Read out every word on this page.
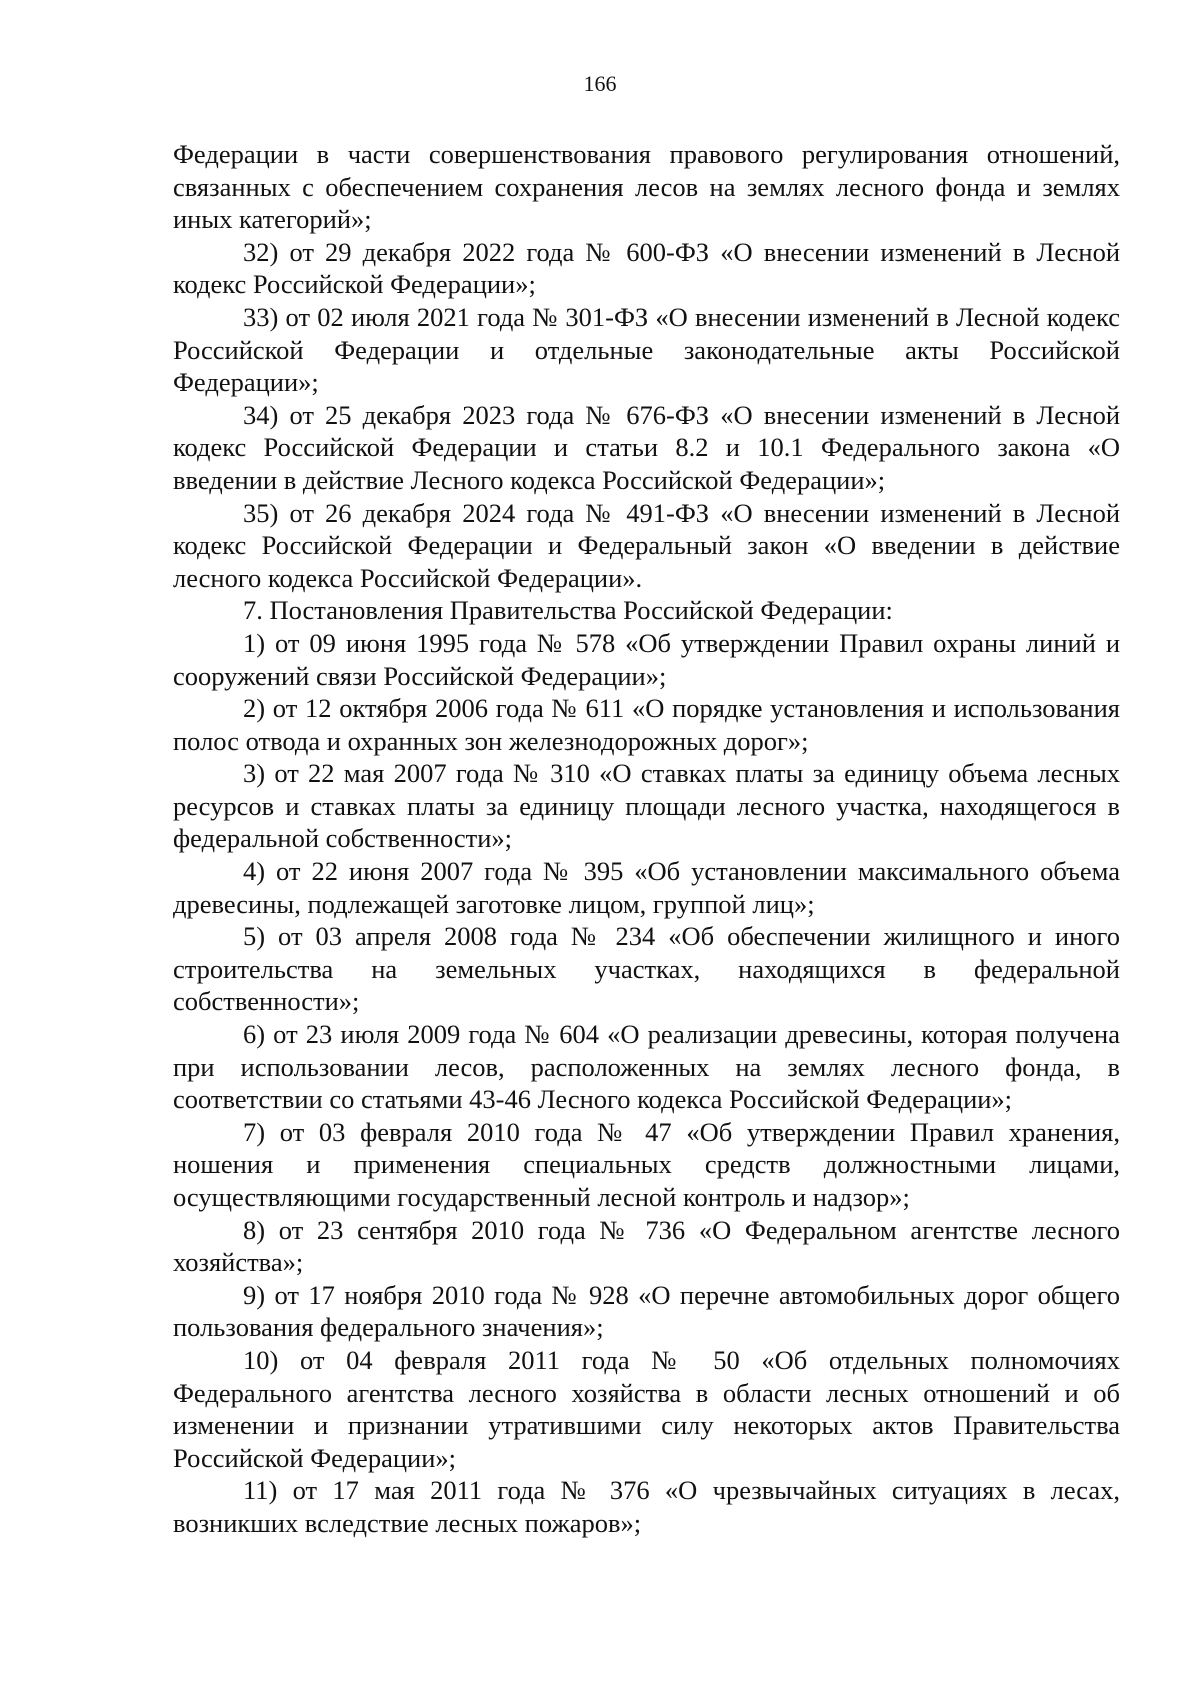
166

Федерации в части совершенствования правового регулирования отношений, связанных с обеспечением сохранения лесов на землях лесного фонда и землях иных категорий»;

32) от 29 декабря 2022 года № 600-ФЗ «О внесении изменений в Лесной кодекс Российской Федерации»;

33) от 02 июля 2021 года № 301-ФЗ «О внесении изменений в Лесной кодекс Российской Федерации и отдельные законодательные акты Российской Федерации»;

34) от 25 декабря 2023 года № 676-ФЗ «О внесении изменений в Лесной кодекс Российской Федерации и статьи 8.2 и 10.1 Федерального закона «О введении в действие Лесного кодекса Российской Федерации»;

35) от 26 декабря 2024 года № 491-ФЗ «О внесении изменений в Лесной кодекс Российской Федерации и Федеральный закон «О введении в действие лесного кодекса Российской Федерации».

7. Постановления Правительства Российской Федерации:

1) от 09 июня 1995 года № 578 «Об утверждении Правил охраны линий и сооружений связи Российской Федерации»;

2) от 12 октября 2006 года № 611 «О порядке установления и использования полос отвода и охранных зон железнодорожных дорог»;

3) от 22 мая 2007 года № 310 «О ставках платы за единицу объема лесных ресурсов и ставках платы за единицу площади лесного участка, находящегося в федеральной собственности»;

4) от 22 июня 2007 года № 395 «Об установлении максимального объема древесины, подлежащей заготовке лицом, группой лиц»;

5) от 03 апреля 2008 года № 234 «Об обеспечении жилищного и иного строительства на земельных участках, находящихся в федеральной собственности»;

6) от 23 июля 2009 года № 604 «О реализации древесины, которая получена при использовании лесов, расположенных на землях лесного фонда, в соответствии со статьями 43-46 Лесного кодекса Российской Федерации»;

7) от 03 февраля 2010 года № 47 «Об утверждении Правил хранения, ношения и применения специальных средств должностными лицами, осуществляющими государственный лесной контроль и надзор»;

8) от 23 сентября 2010 года № 736 «О Федеральном агентстве лесного хозяйства»;

9) от 17 ноября 2010 года № 928 «О перечне автомобильных дорог общего пользования федерального значения»;

10) от 04 февраля 2011 года № 50 «Об отдельных полномочиях Федерального агентства лесного хозяйства в области лесных отношений и об изменении и признании утратившими силу некоторых актов Правительства Российской Федерации»;

11) от 17 мая 2011 года № 376 «О чрезвычайных ситуациях в лесах, возникших вследствие лесных пожаров»;
